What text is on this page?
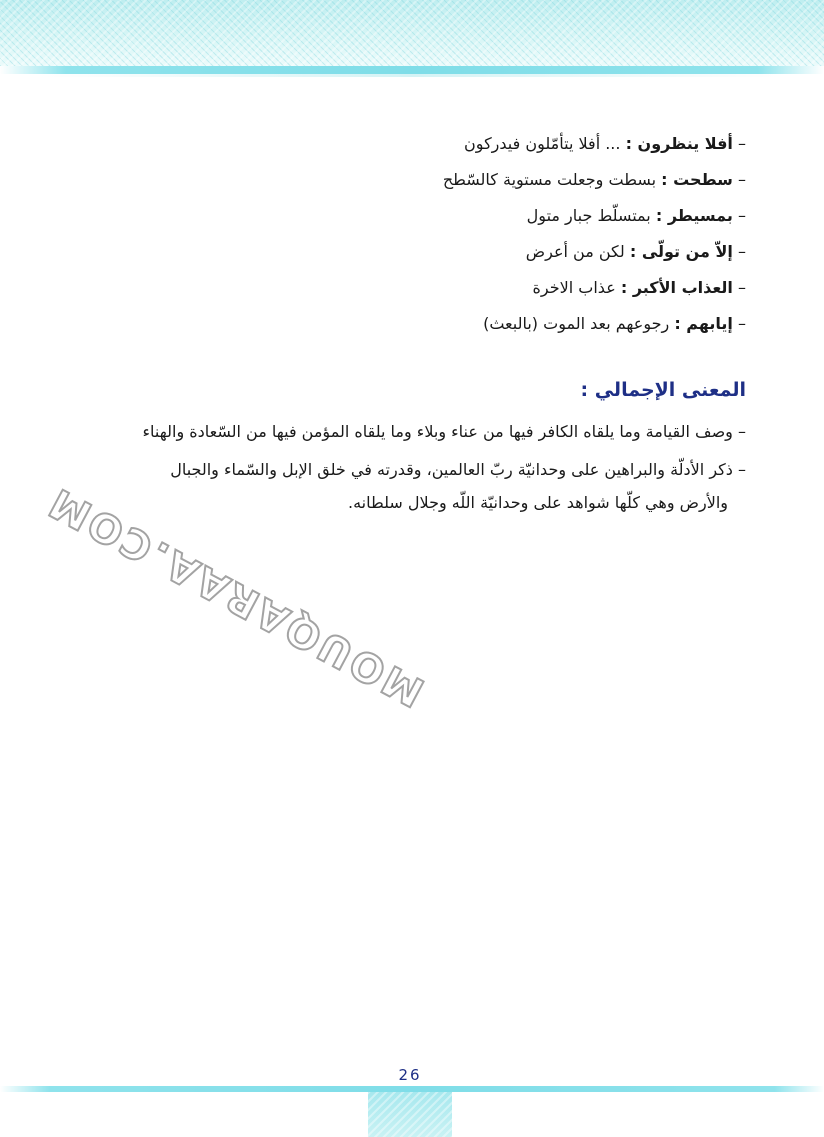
– أفلا ينظرون : ... أفلا يتأمّلون فيدركون
– سطحت : بسطت وجعلت مستوية كالسّطح
– بمسيطر : بمتسلّط جبار متول
– إلاّ من تولّى : لكن من أعرض
– العذاب الأكبر : عذاب الاخرة
– إيابهم : رجوعهم بعد الموت (بالبعث)
المعنى الإجمالي :
– وصف القيامة وما يلقاه الكافر فيها من عناء وبلاء وما يلقاه المؤمن فيها من السّعادة والهناء
– ذكر الأدلّة والبراهين على وحدانيّة ربّ العالمين، وقدرته في خلق الإبل والسّماء والجبال
والأرض وهي كلّها شواهد على وحدانيّة اللّه وجلال سلطانه.
MOUQARAA.COM
26
